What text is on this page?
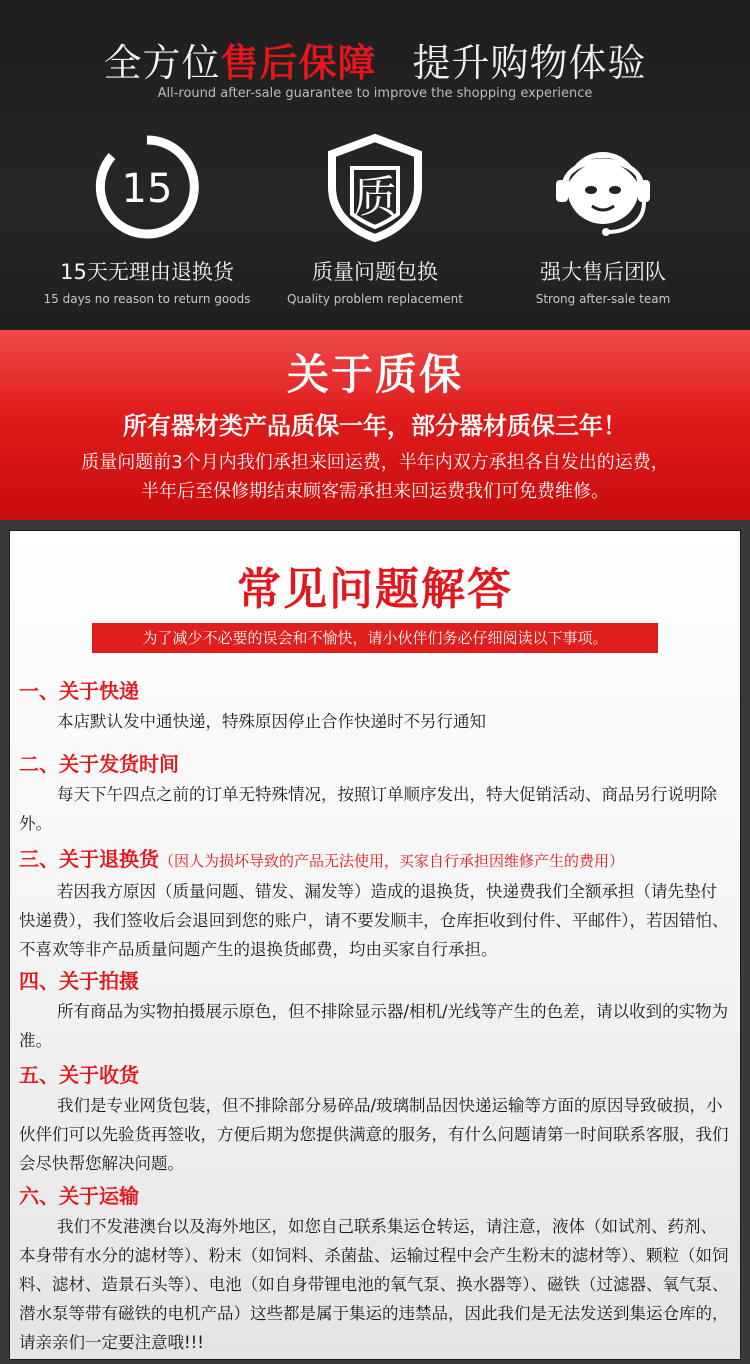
全方位售后保障 提升购物体验
All-round after-sale guarantee to improve the shopping experience
15
15天无理由退换货
15 days no reason to return goods
质
质量问题包换
Quality problem replacement
强大售后团队
Strong after-sale team
关于质保
所有器材类产品质保一年，部分器材质保三年！
质量问题前3个月内我们承担来回运费，半年内双方承担各自发出的运费，
半年后至保修期结束顾客需承担来回运费我们可免费维修。
常见问题解答
为了减少不必要的误会和不愉快，请小伙伴们务必仔细阅读以下事项。
一、关于快递
本店默认发中通快递，特殊原因停止合作快递时不另行通知
二、关于发货时间
每天下午四点之前的订单无特殊情况，按照订单顺序发出，特大促销活动、商品另行说明除外。
三、关于退换货（因人为损坏导致的产品无法使用，买家自行承担因维修产生的费用）
若因我方原因（质量问题、错发、漏发等）造成的退换货，快递费我们全额承担（请先垫付快递费），我们签收后会退回到您的账户，请不要发顺丰，仓库拒收到付件、平邮件），若因错怕、不喜欢等非产品质量问题产生的退换货邮费，均由买家自行承担。
四、关于拍摄
所有商品为实物拍摄展示原色，但不排除显示器/相机/光线等产生的色差，请以收到的实物为准。
五、关于收货
我们是专业网货包装，但不排除部分易碎品/玻璃制品因快递运输等方面的原因导致破损，小伙伴们可以先验货再签收，方便后期为您提供满意的服务，有什么问题请第一时间联系客服，我们会尽快帮您解决问题。
六、关于运输
我们不发港澳台以及海外地区，如您自己联系集运仓转运，请注意，液体（如试剂、药剂、本身带有水分的滤材等）、粉末（如饲料、杀菌盐、运输过程中会产生粉末的滤材等）、颗粒（如饲料、滤材、造景石头等）、电池（如自身带锂电池的氧气泵、换水器等）、磁铁（过滤器、氧气泵、潜水泵等带有磁铁的电机产品）这些都是属于集运的违禁品，因此我们是无法发送到集运仓库的，请亲亲们一定要注意哦!!!
